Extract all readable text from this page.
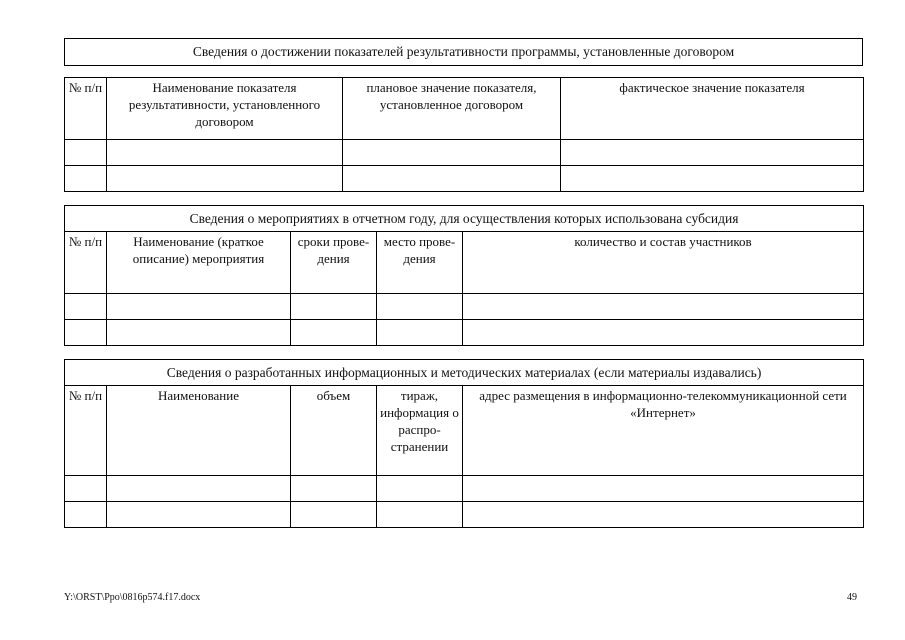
Сведения о достижении показателей результативности программы, установленные договором
№ п/п	Наименование показателя результативности, установленного договором	плановое значение показателя, установленное договором	фактическое значение показателя

Сведения о мероприятиях в отчетном году, для осуществления которых использована субсидия				
№ п/п	Наименование (краткое описание) мероприятия	сроки проведения	место проведения	количество и состав участников

Сведения о разработанных информационных и методических материалах (если материалы издавались)				
№ п/п	Наименование	объем	тираж, информация о распространении	адрес размещения в информационно-телекоммуникационной сети «Интернет»

Y:\ORST\Ppo\0816p574.f17.docx	49
